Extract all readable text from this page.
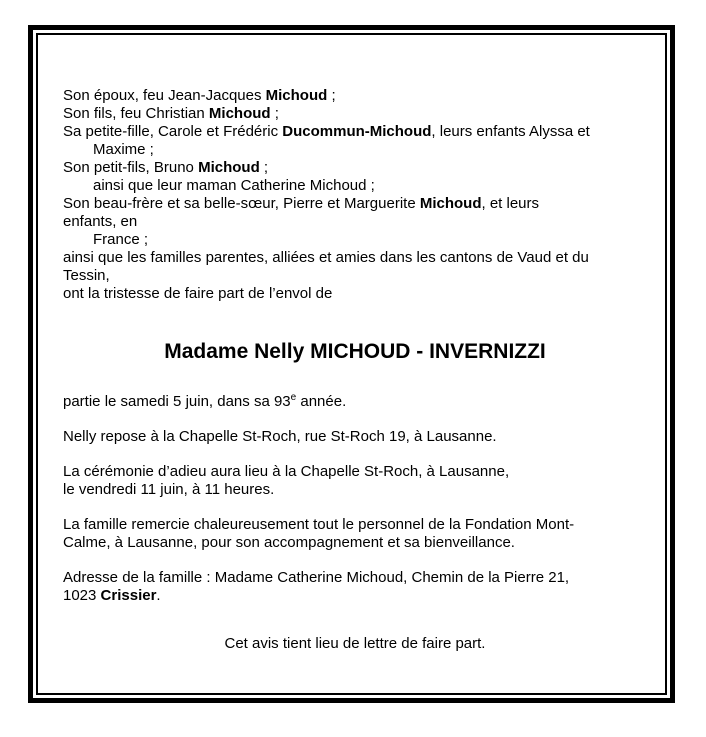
Son époux, feu Jean-Jacques Michoud ;
Son fils, feu Christian Michoud ;
Sa petite-fille, Carole et Frédéric Ducommun-Michoud, leurs enfants Alyssa et
Maxime ;
Son petit-fils, Bruno Michoud ;
ainsi que leur maman Catherine Michoud ;
Son beau-frère et sa belle-sœur, Pierre et Marguerite Michoud, et leurs
enfants, en
France ;
ainsi que les familles parentes, alliées et amies dans les cantons de Vaud et du
Tessin,
ont la tristesse de faire part de l’envol de
Madame Nelly MICHOUD - INVERNIZZI

partie le samedi 5 juin, dans sa 93e année.

Nelly repose à la Chapelle St-Roch, rue St-Roch 19, à Lausanne.

La cérémonie d’adieu aura lieu à la Chapelle St-Roch, à Lausanne,
le vendredi 11 juin, à 11 heures.

La famille remercie chaleureusement tout le personnel de la Fondation Mont-
Calme, à Lausanne, pour son accompagnement et sa bienveillance.

Adresse de la famille : Madame Catherine Michoud, Chemin de la Pierre 21,
1023 Crissier.

Cet avis tient lieu de lettre de faire part.
